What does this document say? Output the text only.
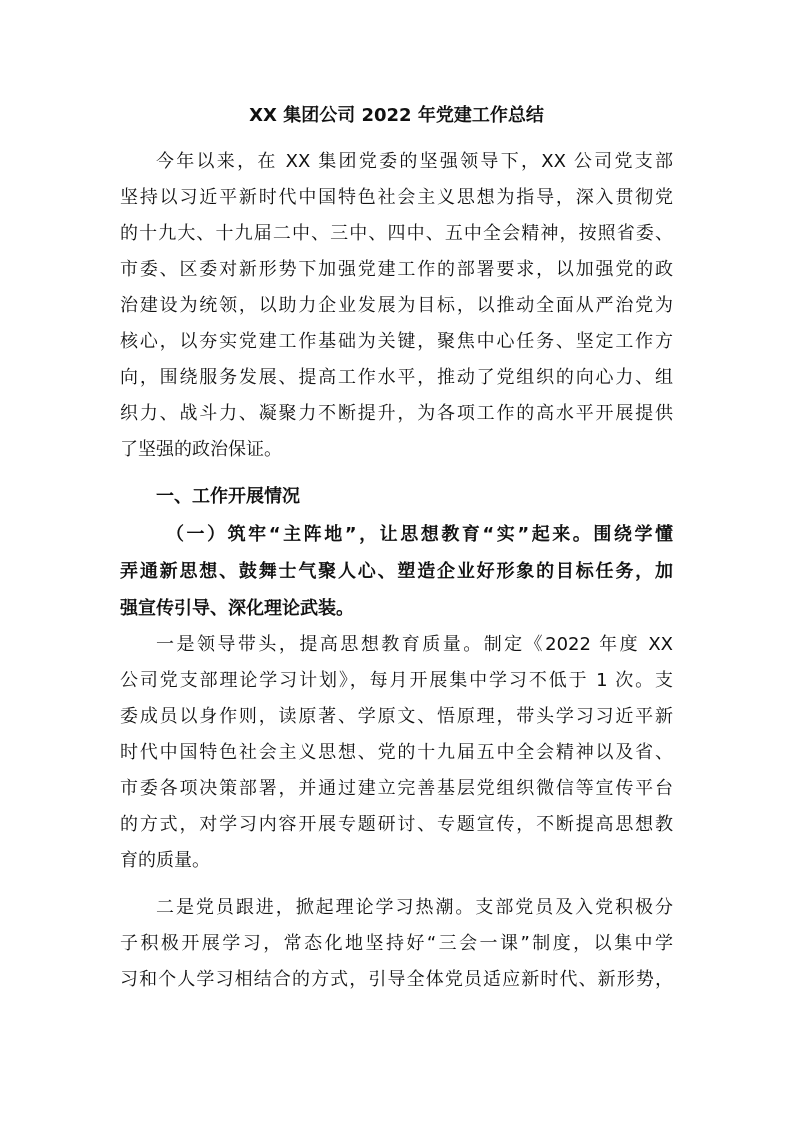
XX 集团公司 2022 年党建工作总结

今年以来，在 XX 集团党委的坚强领导下，XX 公司党支部

坚持以习近平新时代中国特色社会主义思想为指导，深入贯彻党

的十九大、十九届二中、三中、四中、五中全会精神，按照省委、

市委、区委对新形势下加强党建工作的部署要求，以加强党的政

治建设为统领，以助力企业发展为目标，以推动全面从严治党为

核心，以夯实党建工作基础为关键，聚焦中心任务、坚定工作方

向，围绕服务发展、提高工作水平，推动了党组织的向心力、组

织力、战斗力、凝聚力不断提升，为各项工作的高水平开展提供

了坚强的政治保证。

一、工作开展情况

（一）筑牢“主阵地”，让思想教育“实”起来。围绕学懂

弄通新思想、鼓舞士气聚人心、塑造企业好形象的目标任务，加

强宣传引导、深化理论武装。

一是领导带头，提高思想教育质量。制定《2022 年度 XX

公司党支部理论学习计划》，每月开展集中学习不低于 1 次。支

委成员以身作则，读原著、学原文、悟原理，带头学习习近平新

时代中国特色社会主义思想、党的十九届五中全会精神以及省、

市委各项决策部署，并通过建立完善基层党组织微信等宣传平台

的方式，对学习内容开展专题研讨、专题宣传，不断提高思想教

育的质量。

二是党员跟进，掀起理论学习热潮。支部党员及入党积极分

子积极开展学习，常态化地坚持好“三会一课”制度，以集中学

习和个人学习相结合的方式，引导全体党员适应新时代、新形势，
